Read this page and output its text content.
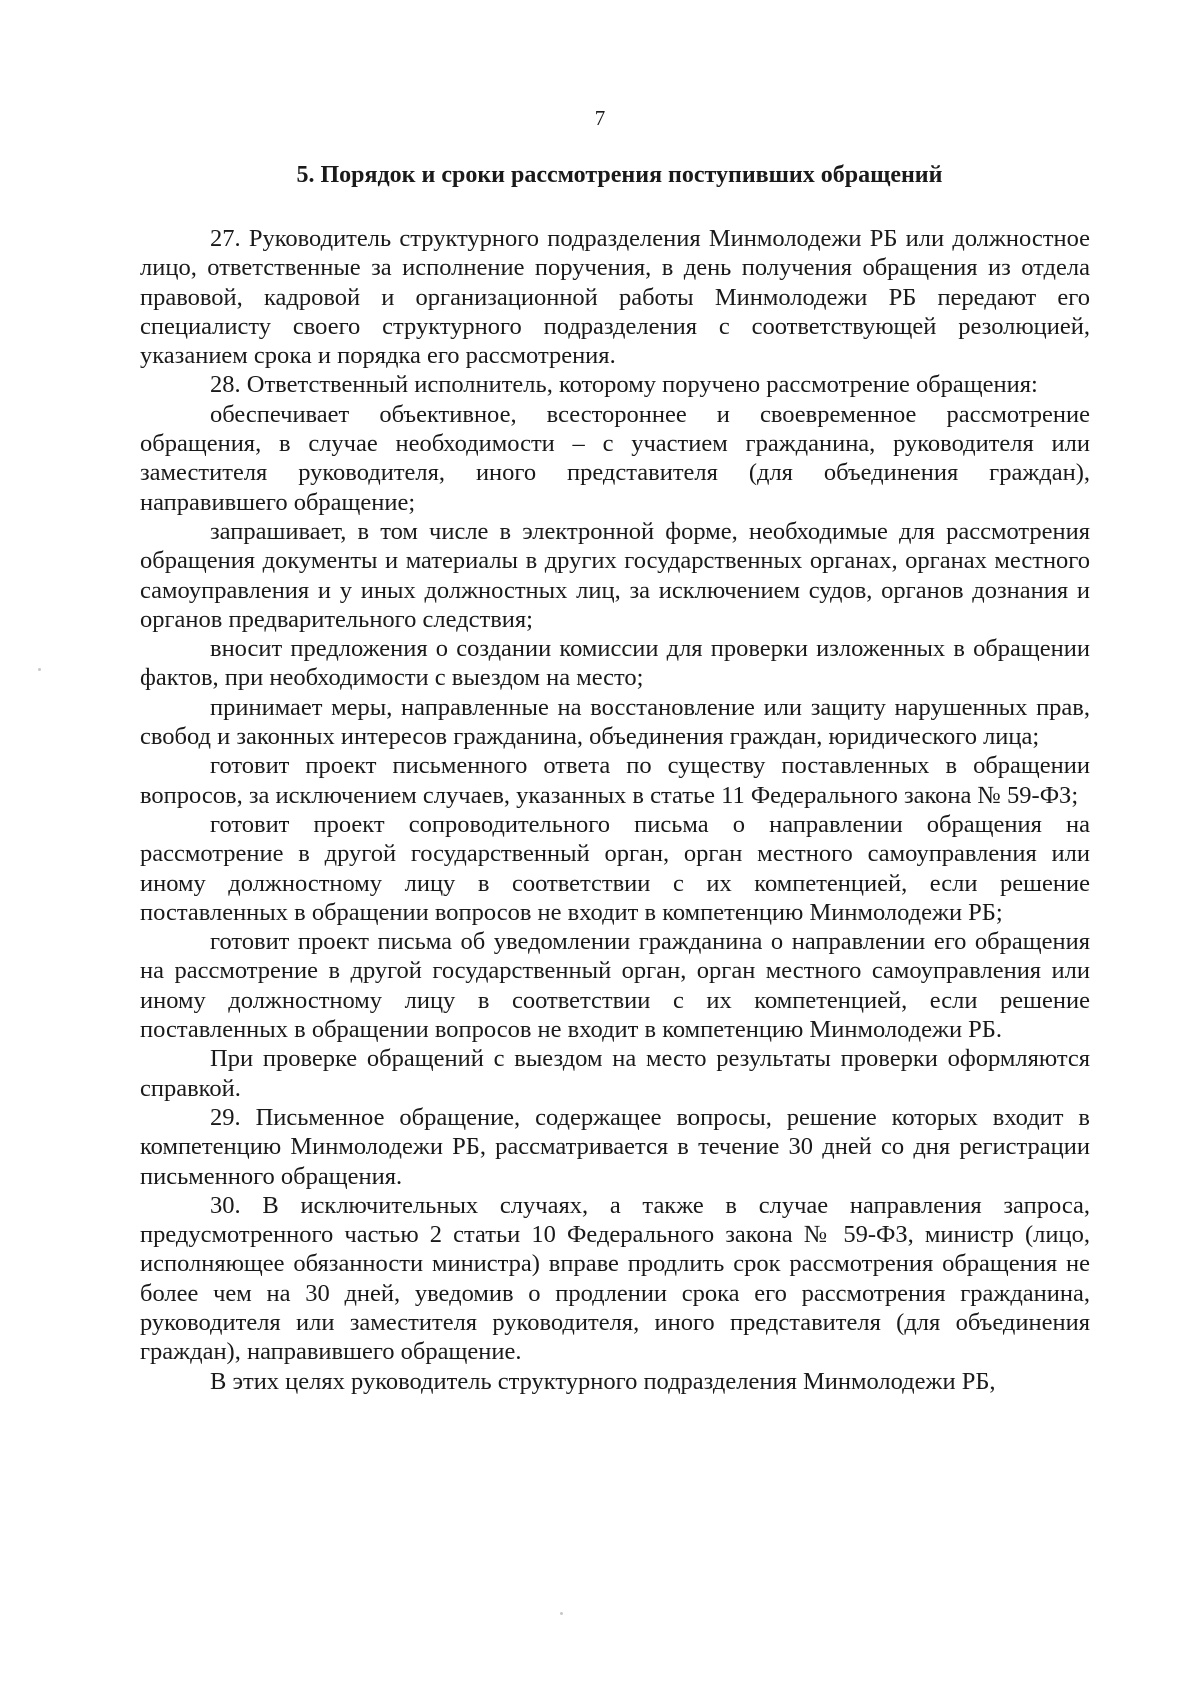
7
5. Порядок и сроки рассмотрения поступивших обращений

27. Руководитель структурного подразделения Минмолодежи РБ или должностное лицо, ответственные за исполнение поручения, в день получения обращения из отдела правовой, кадровой и организационной работы Минмолодежи РБ передают его специалисту своего структурного подразделения с соответствующей резолюцией, указанием срока и порядка его рассмотрения.

28. Ответственный исполнитель, которому поручено рассмотрение обращения:

обеспечивает объективное, всестороннее и своевременное рассмотрение обращения, в случае необходимости – с участием гражданина, руководителя или заместителя руководителя, иного представителя (для объединения граждан), направившего обращение;

запрашивает, в том числе в электронной форме, необходимые для рассмотрения обращения документы и материалы в других государственных органах, органах местного самоуправления и у иных должностных лиц, за исключением судов, органов дознания и органов предварительного следствия;

вносит предложения о создании комиссии для проверки изложенных в обращении фактов, при необходимости с выездом на место;

принимает меры, направленные на восстановление или защиту нарушенных прав, свобод и законных интересов гражданина, объединения граждан, юридического лица;

готовит проект письменного ответа по существу поставленных в обращении вопросов, за исключением случаев, указанных в статье 11 Федерального закона № 59-ФЗ;

готовит проект сопроводительного письма о направлении обращения на рассмотрение в другой государственный орган, орган местного самоуправления или иному должностному лицу в соответствии с их компетенцией, если решение поставленных в обращении вопросов не входит в компетенцию Минмолодежи РБ;

готовит проект письма об уведомлении гражданина о направлении его обращения на рассмотрение в другой государственный орган, орган местного самоуправления или иному должностному лицу в соответствии с их компетенцией, если решение поставленных в обращении вопросов не входит в компетенцию Минмолодежи РБ.

При проверке обращений с выездом на место результаты проверки оформляются справкой.

29. Письменное обращение, содержащее вопросы, решение которых входит в компетенцию Минмолодежи РБ, рассматривается в течение 30 дней со дня регистрации письменного обращения.

30. В исключительных случаях, а также в случае направления запроса, предусмотренного частью 2 статьи 10 Федерального закона № 59-ФЗ, министр (лицо, исполняющее обязанности министра) вправе продлить срок рассмотрения обращения не более чем на 30 дней, уведомив о продлении срока его рассмотрения гражданина, руководителя или заместителя руководителя, иного представителя (для объединения граждан), направившего обращение.

В этих целях руководитель структурного подразделения Минмолодежи РБ,
